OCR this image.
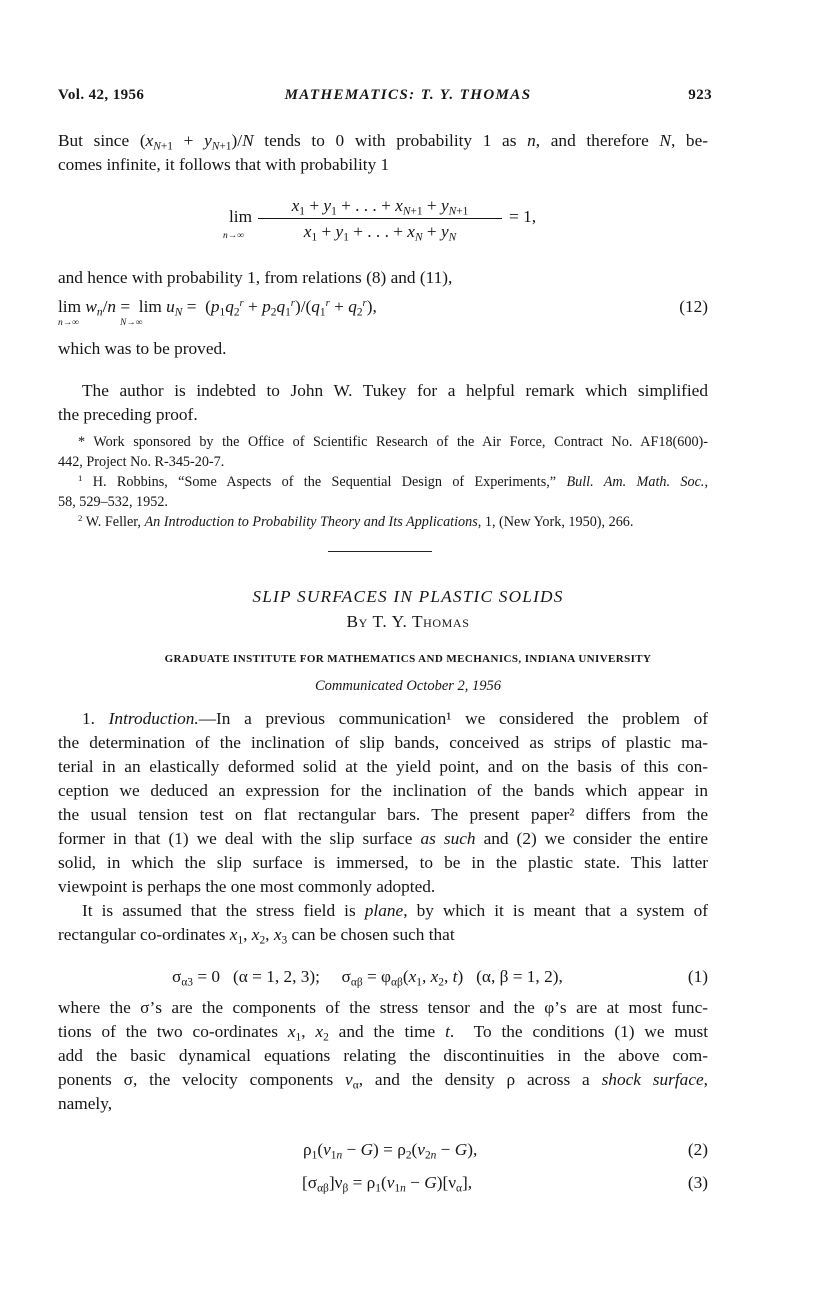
Vol. 42, 1956	MATHEMATICS: T. Y. THOMAS	923
But since $(x_{N+1} + y_{N+1})/N$ tends to 0 with probability 1 as n, and therefore N, be-
comes infinite, it follows that with probability 1
lim
n→∞
$x_1 + y_1$ + . . . + $x_{N+1} + y_{N+1}$
$x_1 + y_1$ + . . . + $x_N + y_N$
= 1,
and hence with probability 1, from relations (8) and (11),
$\lim w_n/n = \lim u_N = (p_1q_2^r + p_2q_1^r)/(q_1^r + q_2^r)$,
n→∞	N→∞
(12)
which was to be proved.
The author is indebted to John W. Tukey for a helpful remark which simplified
the preceding proof.
* Work sponsored by the Office of Scientific Research of the Air Force, Contract No. AF18(600)-
442, Project No. R-345-20-7.
$^1$ H. Robbins, “Some Aspects of the Sequential Design of Experiments,” Bull. Am. Math. Soc.,
58, 529–532, 1952.
$^2$ W. Feller, An Introduction to Probability Theory and Its Applications, 1, (New York, 1950), 266.
SLIP SURFACES IN PLASTIC SOLIDS
By T. Y. Thomas
GRADUATE INSTITUTE FOR MATHEMATICS AND MECHANICS, INDIANA UNIVERSITY
Communicated October 2, 1956
1. Introduction.—In a previous communication¹ we considered the problem of
the determination of the inclination of slip bands, conceived as strips of plastic ma-
terial in an elastically deformed solid at the yield point, and on the basis of this con-
ception we deduced an expression for the inclination of the bands which appear in
the usual tension test on flat rectangular bars. The present paper² differs from the
former in that (1) we deal with the slip surface as such and (2) we consider the entire
solid, in which the slip surface is immersed, to be in the plastic state. This latter
viewpoint is perhaps the one most commonly adopted.
It is assumed that the stress field is plane, by which it is meant that a system of
rectangular co-ordinates $x_1$, $x_2$, $x_3$ can be chosen such that
$\sigma_{\alpha 3} = 0$   (α = 1, 2, 3);     $\sigma_{\alpha\beta} = \varphi_{\alpha\beta}(x_1$, $x_2$, t)   (α, β = 1, 2),	(1)
where the σ’s are the components of the stress tensor and the φ’s are at most func-
tions of the two co-ordinates $x_1$, $x_2$ and the time t.  To the conditions (1) we must
add the basic dynamical equations relating the discontinuities in the above com-
ponents σ, the velocity components $v_\alpha$, and the density ρ across a shock surface,
namely,
$\rho_1(v_{1n} - G) = \rho_2(v_{2n} - G)$,	(2)
$[\sigma_{\alpha\beta}]\nu_\beta = \rho_1(v_{1n} - G)[\nu_\alpha]$,	(3)
